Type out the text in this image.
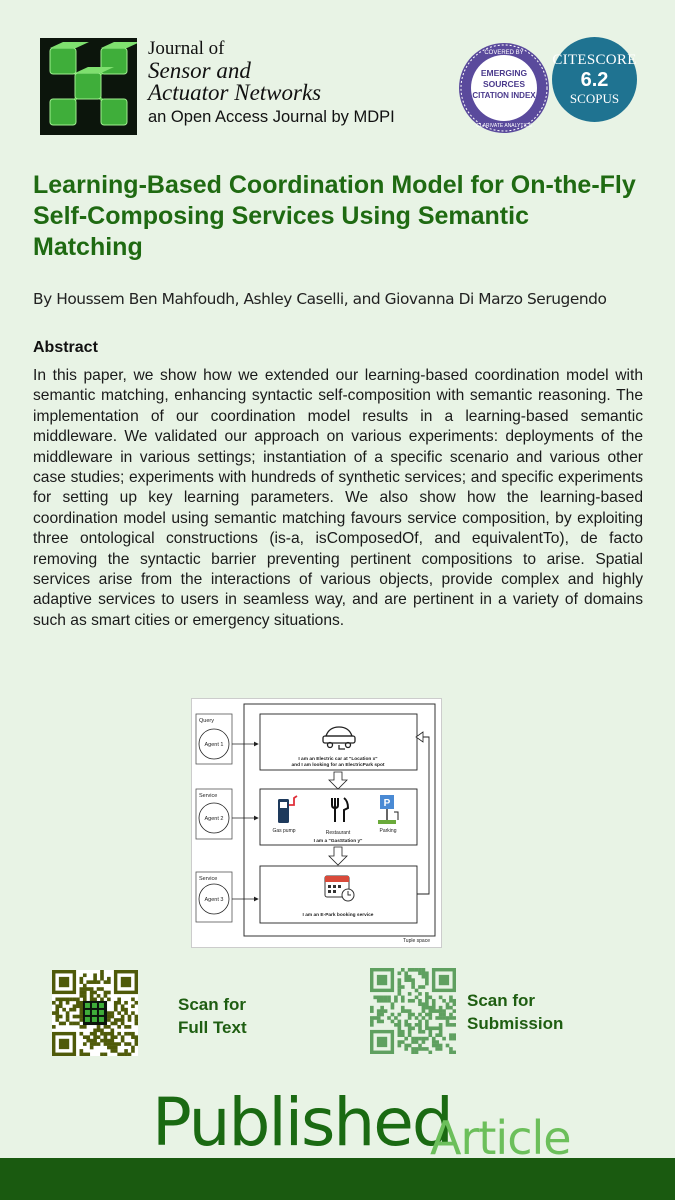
Journal of
Sensor and
Actuator Networks
an Open Access Journal by MDPI
COVERED BY
EMERGING
SOURCES
CITATION INDEX
CLARIVATE ANALYTICS
CITESCORE
6.2
SCOPUS
Learning-Based Coordination Model for On-the-Fly Self-Composing Services Using Semantic Matching
By Houssem Ben Mahfoudh, Ashley Caselli, and Giovanna Di Marzo Serugendo
Abstract

In this paper, we show how we extended our learning-based coordination model with semantic matching, enhancing syntactic self-composition with semantic reasoning. The implementation of our coordination model results in a learning-based semantic middleware. We validated our approach on various experiments: deployments of the middleware in various settings; instantiation of a specific scenario and various other case studies; experiments with hundreds of synthetic services; and specific experiments for setting up key learning parameters. We also show how the learning-based coordination model using semantic matching favours service composition, by exploiting three ontological constructions (is-a, isComposedOf, and equivalentTo), de facto removing the syntactic barrier preventing pertinent compositions to arise. Spatial services arise from the interactions of various objects, provide complex and highly adaptive services to users in seamless way, and are pertinent in a variety of domains such as smart cities or emergency situations.

Tuple space
Query
Agent 1
Service
Agent 2
Service
Agent 3
I am an Electric car at "Location x"
and I am looking for an ElectricPark spot
Gas pump	Restaurant
P
Parking
I am a "GasStation y"
I am an E-Park booking service
Scan for
Full Text
Scan for
Submission
Published
Article
